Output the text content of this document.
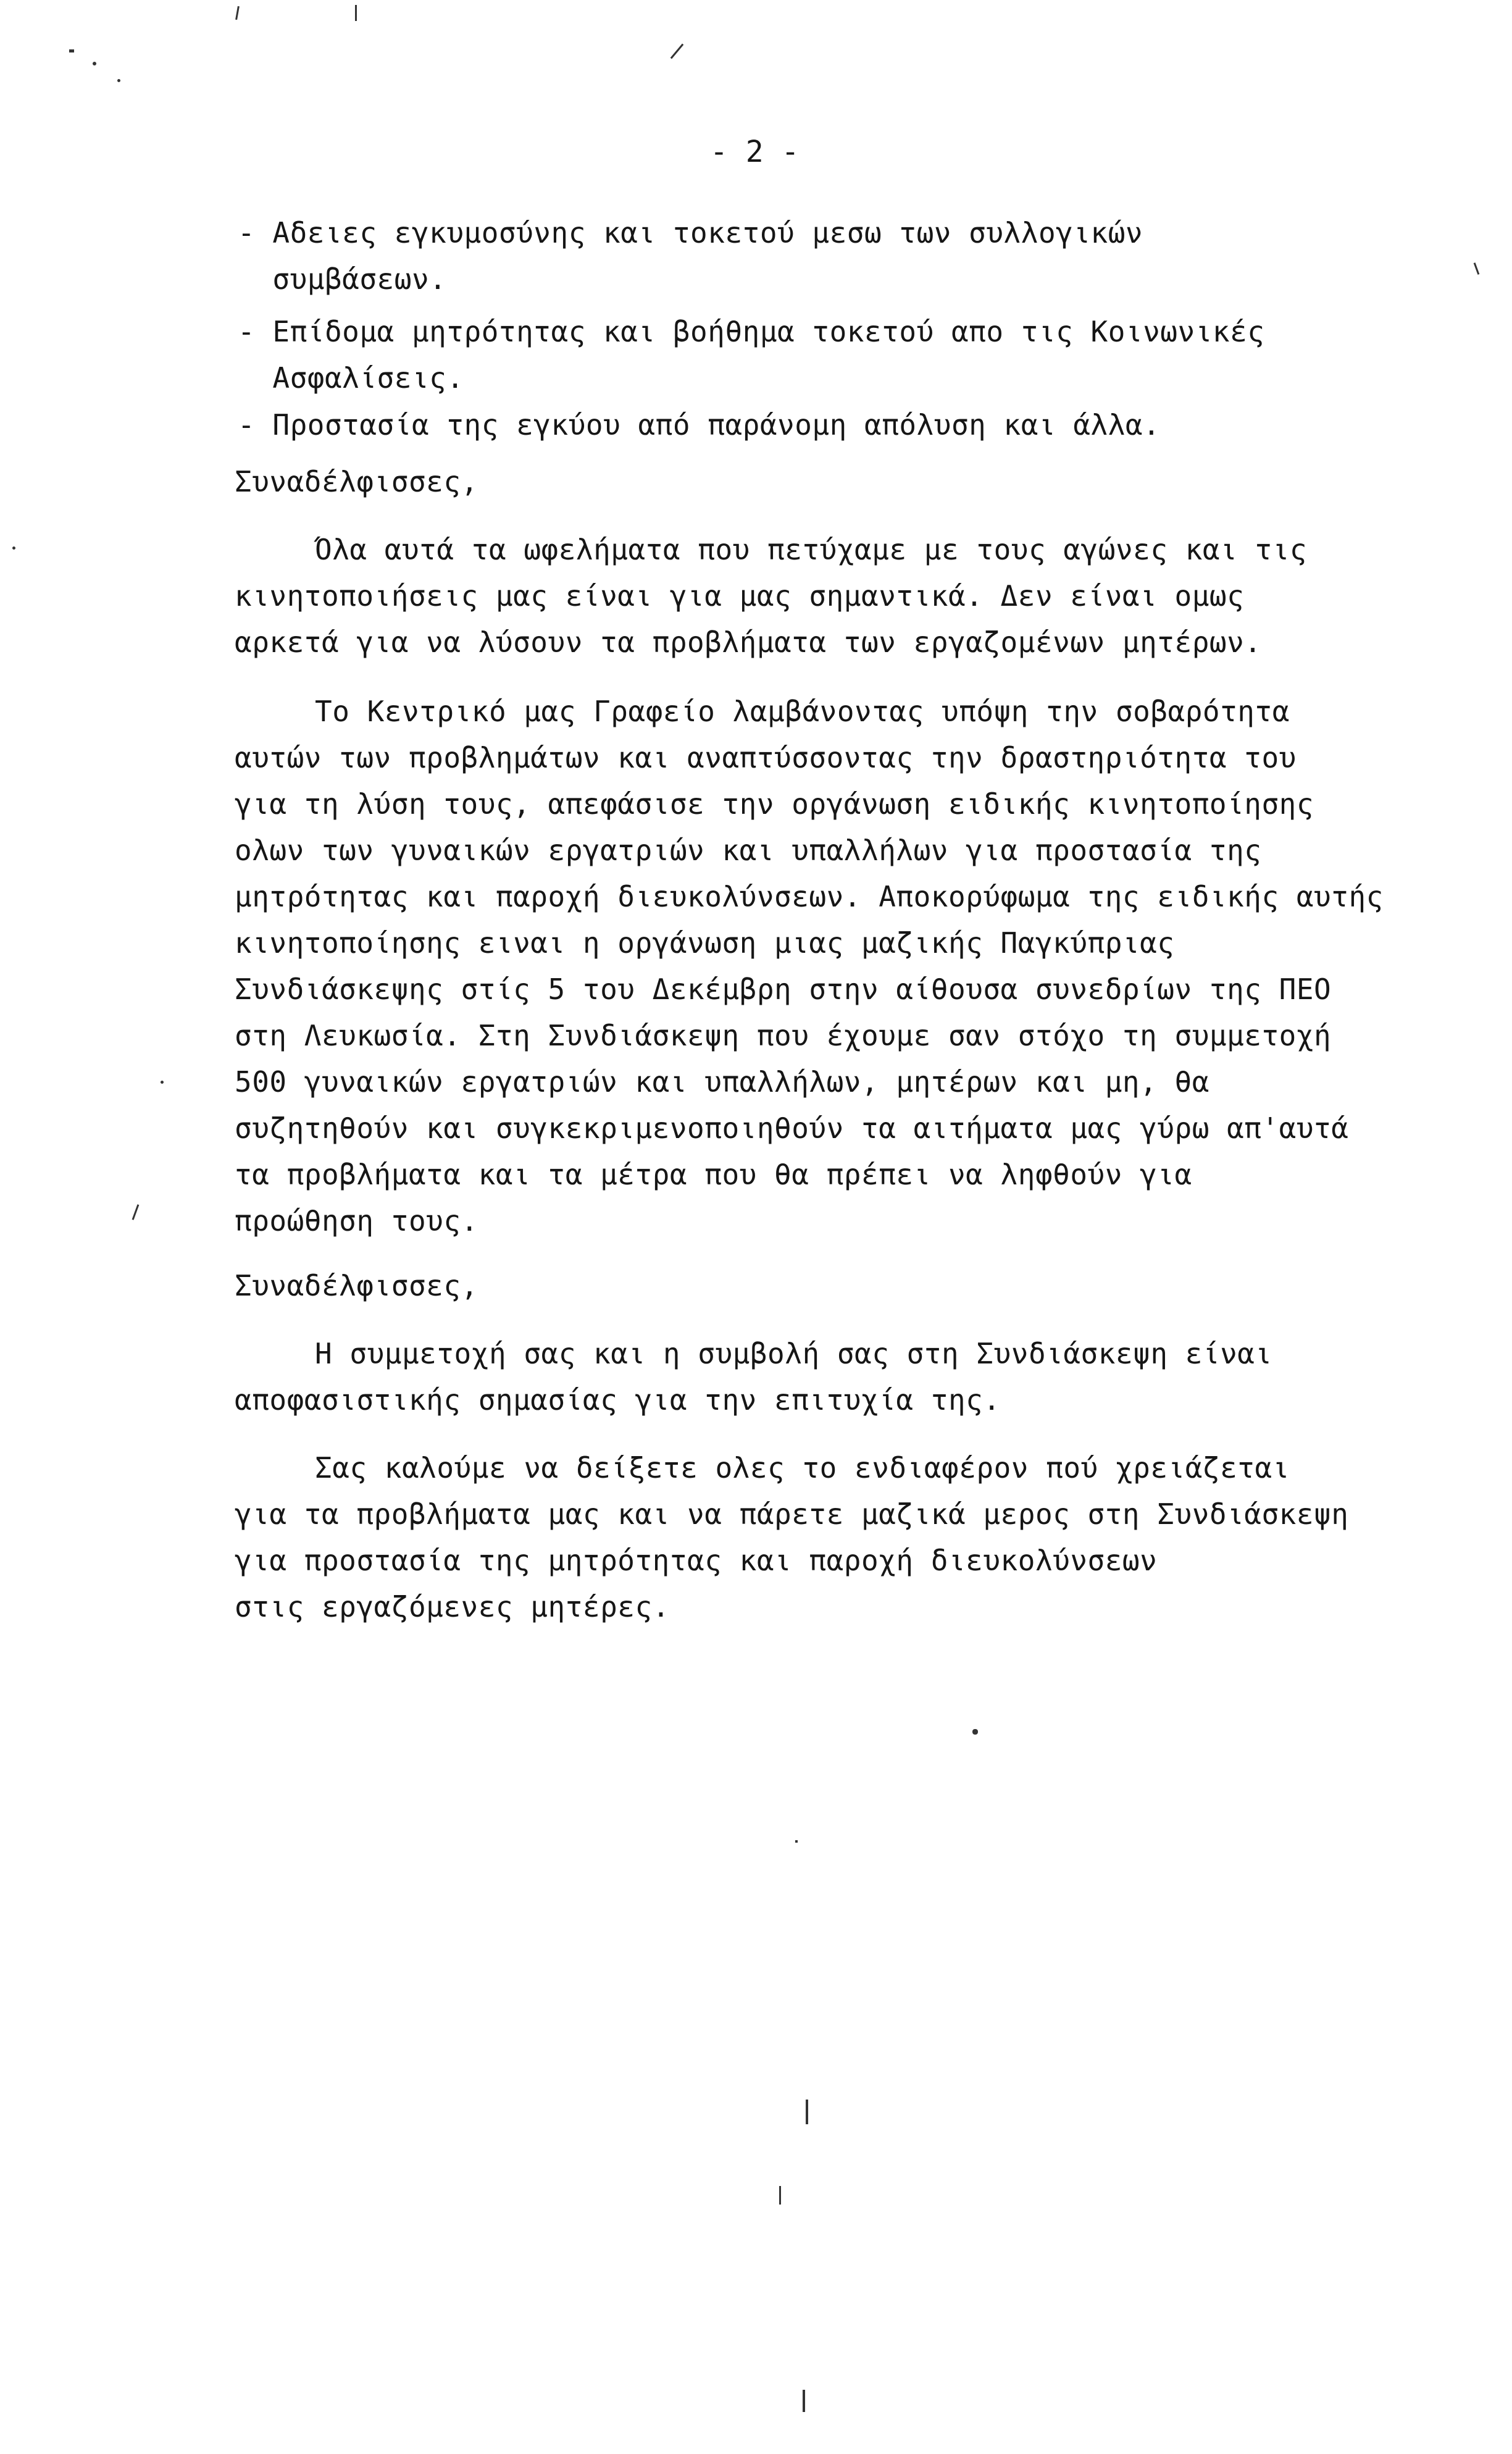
- 2 -
- Αδειες εγκυμοσύνης και τοκετού μεσω των συλλογικών
συμβάσεων.
- Επίδομα μητρότητας και βοήθημα τοκετού απο τις Κοινωνικές
Ασφαλίσεις.
- Προστασία της εγκύου από παράνομη απόλυση και άλλα.
Συναδέλφισσες,
Όλα αυτά τα ωφελήματα που πετύχαμε με τους αγώνες και τις
κινητοποιήσεις μας είναι για μας σημαντικά. Δεν είναι ομως
αρκετά για να λύσουν τα προβλήματα των εργαζομένων μητέρων.
Το Κεντρικό μας Γραφείο λαμβάνοντας υπόψη την σοβαρότητα
αυτών των προβλημάτων και αναπτύσσοντας την δραστηριότητα του
για τη λύση τους, απεφάσισε την οργάνωση ειδικής κινητοποίησης
ολων των γυναικών εργατριών και υπαλλήλων για προστασία της
μητρότητας και παροχή διευκολύνσεων. Αποκορύφωμα της ειδικής αυτής
κινητοποίησης ειναι η οργάνωση μιας μαζικής Παγκύπριας
Συνδιάσκεψης στίς 5 του Δεκέμβρη στην αίθουσα συνεδρίων της ΠΕΟ
στη Λευκωσία. Στη Συνδιάσκεψη που έχουμε σαν στόχο τη συμμετοχή
500 γυναικών εργατριών και υπαλλήλων, μητέρων και μη, θα
συζητηθούν και συγκεκριμενοποιηθούν τα αιτήματα μας γύρω απ'αυτά
τα προβλήματα και τα μέτρα που θα πρέπει να ληφθούν για
προώθηση τους.
Συναδέλφισσες,
Η συμμετοχή σας και η συμβολή σας στη Συνδιάσκεψη είναι
αποφασιστικής σημασίας για την επιτυχία της.
Σας καλούμε να δείξετε ολες το ενδιαφέρον πού χρειάζεται
για τα προβλήματα μας και να πάρετε μαζικά μερος στη Συνδιάσκεψη
για προστασία της μητρότητας και παροχή διευκολύνσεων
στις εργαζόμενες μητέρες.
